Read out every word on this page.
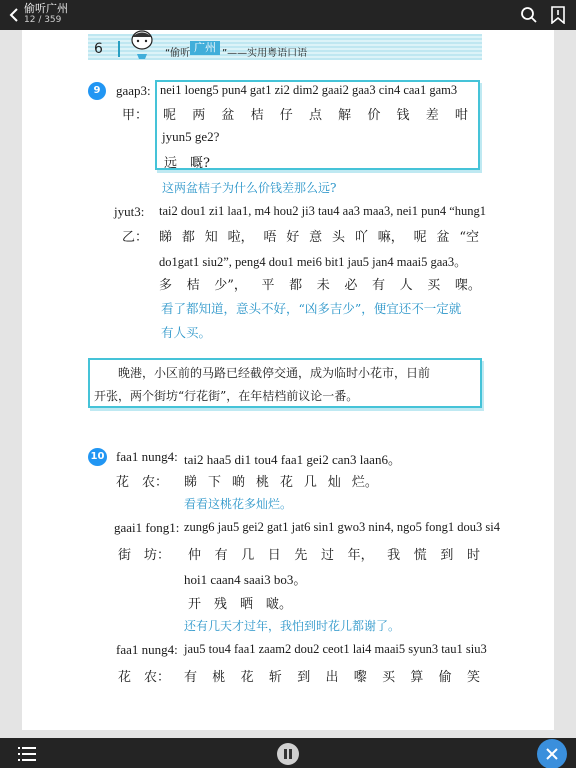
偷听广州
12 / 359
6	“偷听 广州 ”——实用粤语口语
9	gaap3:
甲：
nei1 loeng5 pun4 gat1 zi2 dim2 gaai2 gaa3 cin4 caa1 gam3
呢 两 盆 桔 仔 点 解 价 钱 差 咁
jyun5 ge2?
远　嘅?
这两盆桔子为什么价钱差那么远?
jyut3:
乙：
tai2 dou1 zi1 laa1, m4 hou2 ji3 tau4 aa3 maa3, nei1 pun4 “hung1
睇 都 知 啦， 唔 好 意 头 吖 嘛， 呢 盆 “空
do1gat1 siu2”, peng4 dou1 mei6 bit1 jau5 jan4 maai5 gaa3。
多 桔 少”， 平 都 未 必 有 人 买 㗎。
看了都知道，意头不好，“凶多吉少”，便宜还不一定就
有人买。
晚港，小区前的马路已经截停交通，成为临时小花市，日前
开张，两个街坊“行花街”，在年桔档前议论一番。
10 faa1 nung4: tai2 haa5 di1 tou4 faa1 gei2 can3 laan6。
花　农： 睇 下 啲 桃 花 几 灿 烂。
看看这桃花多灿烂。
gaai1 fong1: zung6 jau5 gei2 gat1 jat6 sin1 gwo3 nin4, ngo5 fong1 dou3 si4
街　坊： 仲 有 几 日 先 过 年， 我 慌 到 时
hoi1 caan4 saai3 bo3。
开　残　晒　啵。
还有几天才过年，我怕到时花儿都谢了。
faa1 nung4: jau5 tou4 faa1 zaam2 dou2 ceot1 lai4 maai5 syun3 tau1 siu3
花　农： 有 桃 花 斩 到 出 嚟 买 算 偷 笑
